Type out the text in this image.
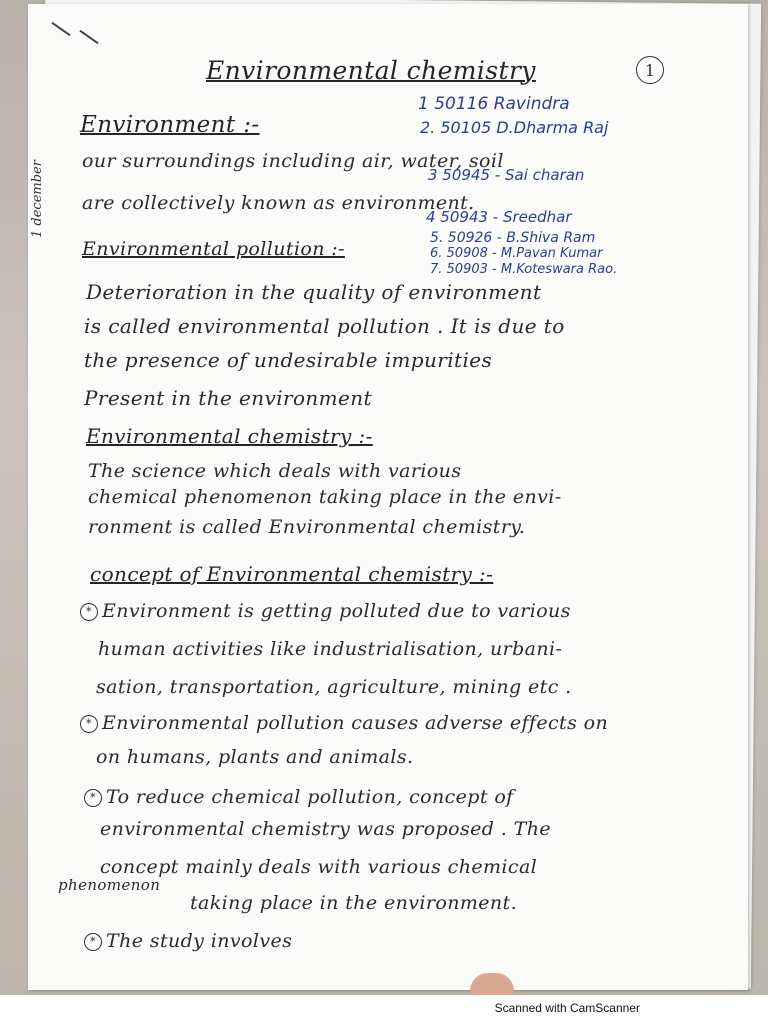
Environmental chemistry	1
1 december
1 50116 Ravindra
2. 50105 D.Dharma Raj
3 50945 - Sai charan
4 50943 - Sreedhar
5. 50926 - B.Shiva Ram
6. 50908 - M.Pavan Kumar
7. 50903 - M.Koteswara Rao.
Environment :-
our surroundings including air, water, soil
are collectively known as environment.
Environmental pollution :-
Deterioration in the quality of environment
is called environmental pollution . It is due to
the presence of undesirable impurities
Present in the environment
Environmental chemistry :-
The science which deals with various
chemical phenomenon taking place in the envi-
ronment is called Environmental chemistry.
concept of Environmental chemistry :-
* Environment is getting polluted due to various
human activities like industrialisation, urbani-
sation, transportation, agriculture, mining etc .
* Environmental pollution causes adverse effects on
on humans, plants and animals.
* To reduce chemical pollution, concept of
environmental chemistry was proposed . The
concept mainly deals with various chemical
phenomenon
taking place in the environment.
* The study involves
Scanned with CamScanner
